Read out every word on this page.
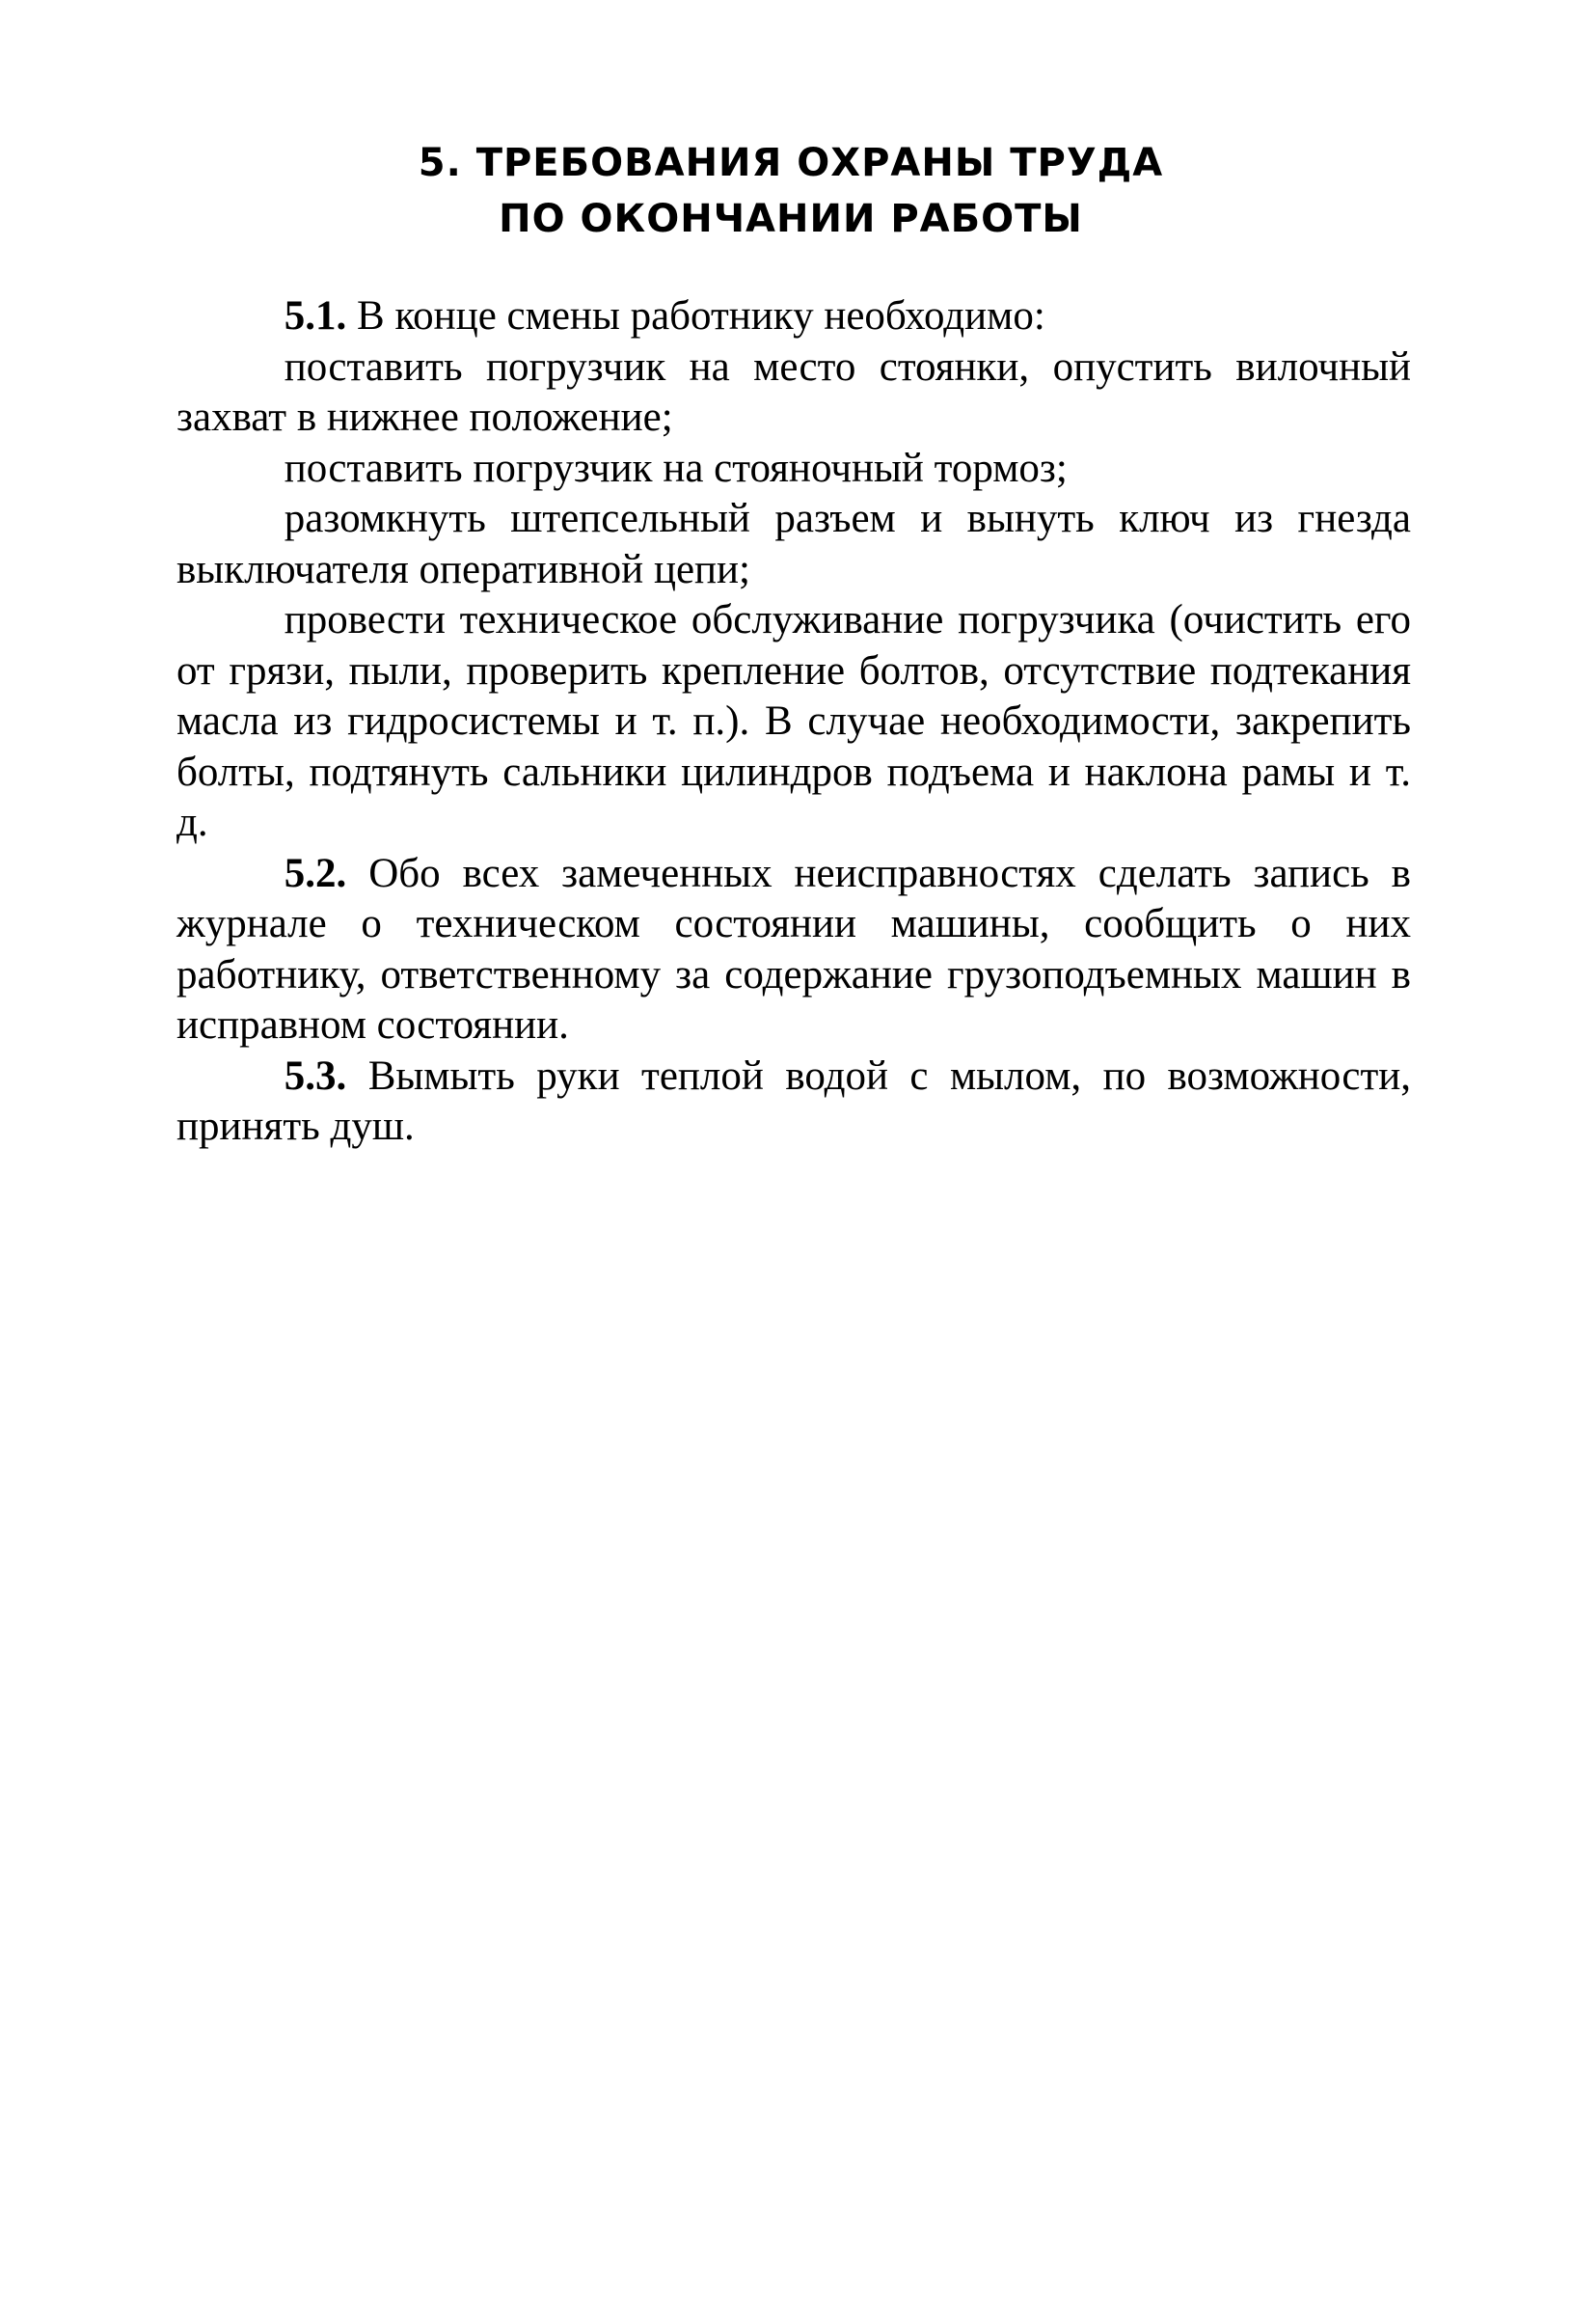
5. ТРЕБОВАНИЯ ОХРАНЫ ТРУДА
ПО ОКОНЧАНИИ РАБОТЫ

5.1. В конце смены работнику необходимо:

поставить погрузчик на место стоянки, опустить вилочный захват в нижнее положение;

поставить погрузчик на стояночный тормоз;

разомкнуть штепсельный разъем и вынуть ключ из гнезда выключателя оперативной цепи;

провести техническое обслуживание погрузчика (очистить его от грязи, пыли, проверить крепление болтов, отсутствие подтекания масла из гидросистемы и т. п.). В случае необходимости, закрепить болты, подтянуть сальники цилиндров подъема и наклона рамы и т. д.

5.2. Обо всех замеченных неисправностях сделать запись в журнале о техническом состоянии машины, сообщить о них работнику, ответственному за содержание грузоподъемных машин в исправном состоянии.

5.3. Вымыть руки теплой водой с мылом, по возможности, принять душ.
